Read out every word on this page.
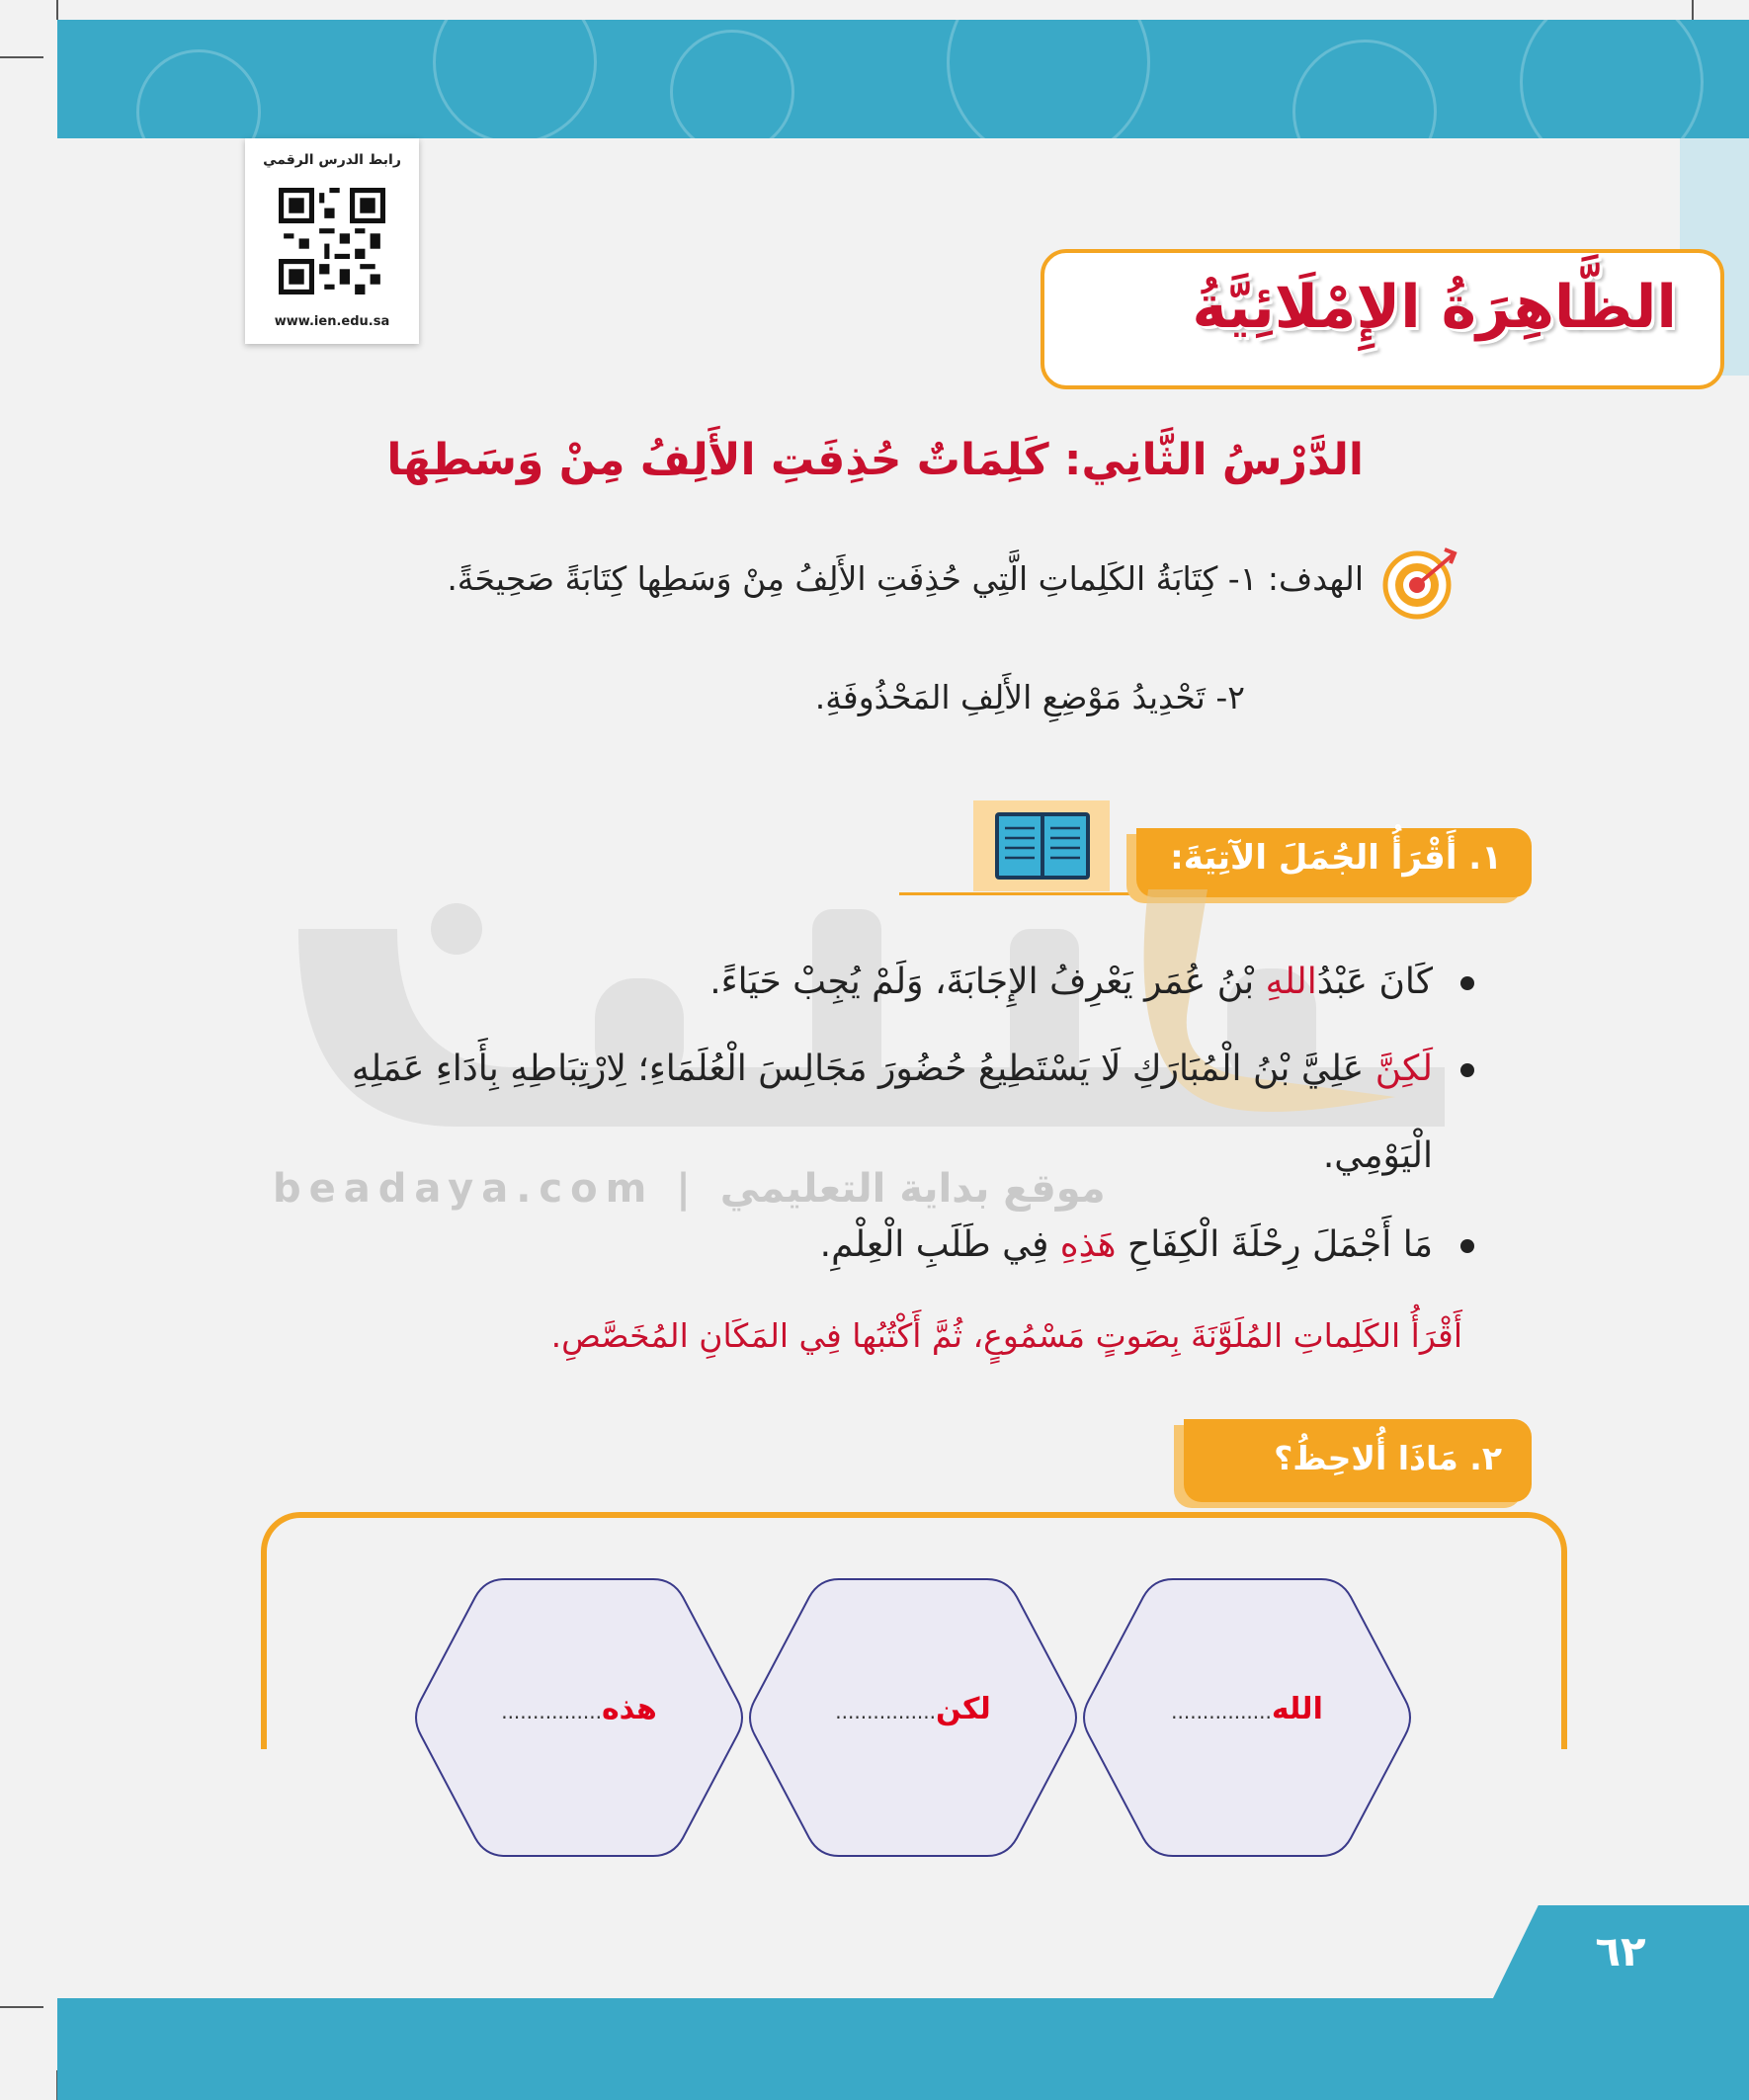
رابط الدرس الرقمي
www.ien.edu.sa	الظَّاهِرَةُ الإِمْلَائِيَّةُ
الدَّرْسُ الثَّانِي: كَلِمَاتٌ حُذِفَتِ الأَلِفُ مِنْ وَسَطِهَا
الهدف: ١- كِتَابَةُ الكَلِماتِ الَّتِي حُذِفَتِ الأَلِفُ مِنْ وَسَطِها كِتَابَةً صَحِيحَةً.
٢- تَحْدِيدُ مَوْضِعِ الأَلِفِ المَحْذُوفَةِ.
١. أَقْرَأُ الجُمَلَ الآتِيَةَ:
beadaya.com | موقع بداية التعليمي
كَانَ عَبْدُاللهِ بْنُ عُمَر يَعْرِفُ الإِجَابَةَ، وَلَمْ يُجِبْ حَيَاءً.
لَكِنَّ عَلِيَّ بْنُ الْمُبَارَكِ لَا يَسْتَطِيعُ حُضُورَ مَجَالِسَ الْعُلَمَاءِ؛ لِارْتِبَاطِهِ بِأَدَاءِ عَمَلِهِ
الْيَوْمِي.
مَا أَجْمَلَ رِحْلَةَ الْكِفَاحِ هَذِهِ فِي طَلَبِ الْعِلْمِ.
أَقْرَأُ الكَلِماتِ المُلَوَّنَةَ بِصَوتٍ مَسْمُوعٍ، ثُمَّ أَكْتُبُها فِي المَكَانِ المُخَصَّصِ.
٢. مَاذَا أُلاحِظُ؟
الله................
لكن................
هذه................
٦٢
